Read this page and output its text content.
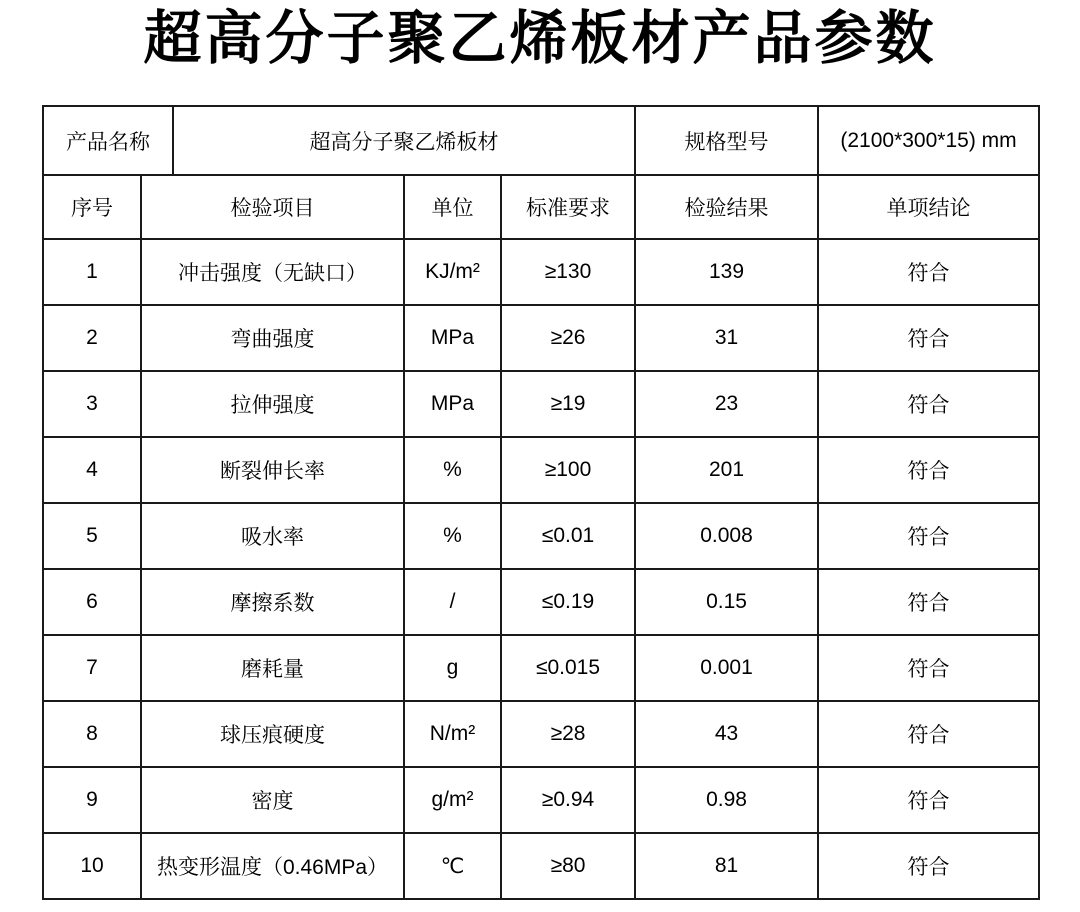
超高分子聚乙烯板材产品参数
产品名称		超高分子聚乙烯板材			规格型号	(2100*300*15) mm
序号	检验项目		单位	标准要求	检验结果	单项结论
1	冲击强度（无缺口）		KJ/m²	≥130	139	符合
2	弯曲强度		MPa	≥26	31	符合
3	拉伸强度		MPa	≥19	23	符合
4	断裂伸长率		%	≥100	201	符合
5	吸水率		%	≤0.01	0.008	符合
6	摩擦系数		/	≤0.19	0.15	符合
7	磨耗量		g	≤0.015	0.001	符合
8	球压痕硬度		N/m²	≥28	43	符合
9	密度		g/m²	≥0.94	0.98	符合
10	热变形温度（0.46MPa）		℃	≥80	81	符合
